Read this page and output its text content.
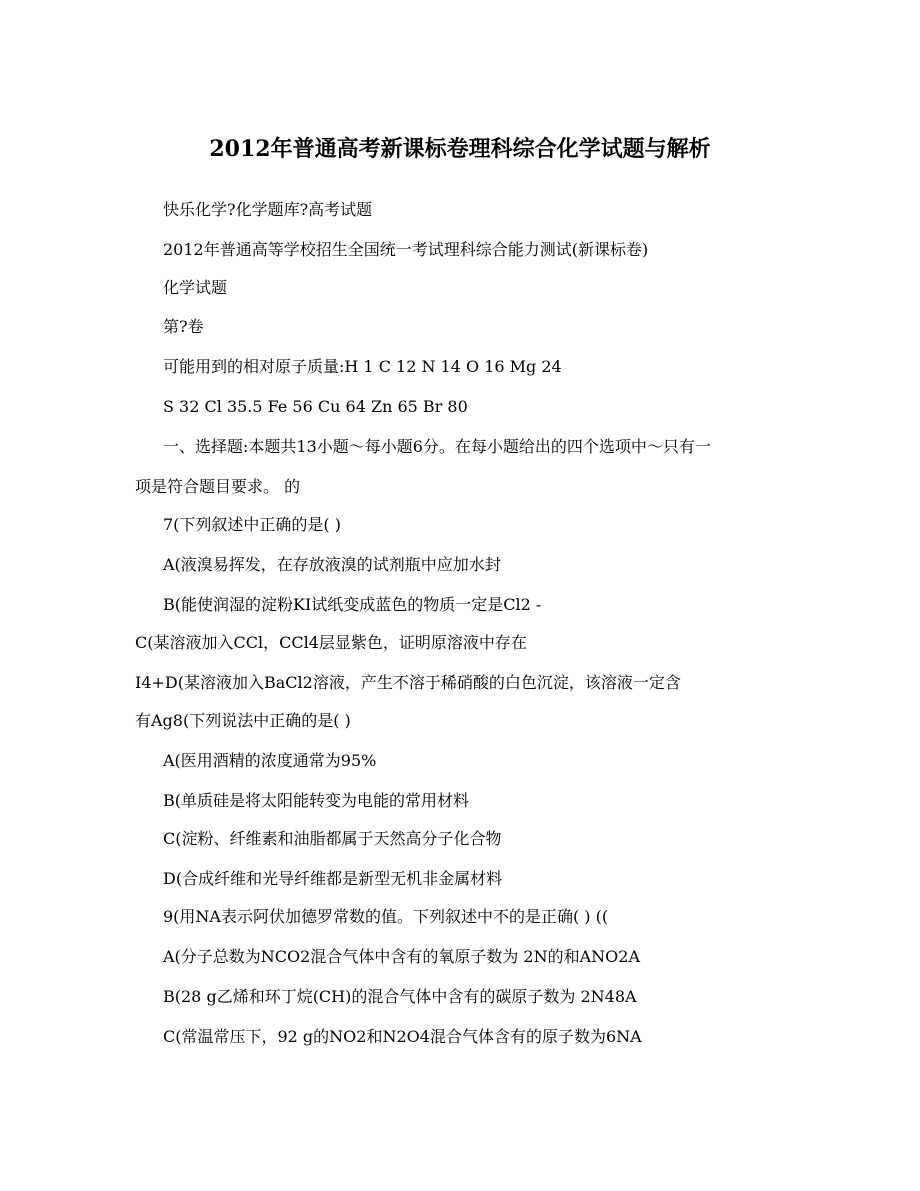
2012年普通高考新课标卷理科综合化学试题与解析
快乐化学?化学题库?高考试题
2012年普通高等学校招生全国统一考试理科综合能力测试(新课标卷)
化学试题
第?卷
可能用到的相对原子质量:H 1 C 12 N 14 O 16 Mg 24
S 32 Cl 35.5 Fe 56 Cu 64 Zn 65 Br 80
一、选择题:本题共13小题～每小题6分。在每小题给出的四个选项中～只有一
项是符合题目要求。 的
7(下列叙述中正确的是( )
A(液溴易挥发，在存放液溴的试剂瓶中应加水封
B(能使润湿的淀粉KI试纸变成蓝色的物质一定是Cl2 -
C(某溶液加入CCl，CCl4层显紫色，证明原溶液中存在
I4+D(某溶液加入BaCl2溶液，产生不溶于稀硝酸的白色沉淀，该溶液一定含
有Ag8(下列说法中正确的是( )
A(医用酒精的浓度通常为95%
B(单质硅是将太阳能转变为电能的常用材料
C(淀粉、纤维素和油脂都属于天然高分子化合物
D(合成纤维和光导纤维都是新型无机非金属材料
9(用NA表示阿伏加德罗常数的值。下列叙述中不的是正确( ) ((
A(分子总数为NCO2混合气体中含有的氧原子数为 2N的和ANO2A
B(28 g乙烯和环丁烷(CH)的混合气体中含有的碳原子数为 2N48A
C(常温常压下，92 g的NO2和N2O4混合气体含有的原子数为6NA
